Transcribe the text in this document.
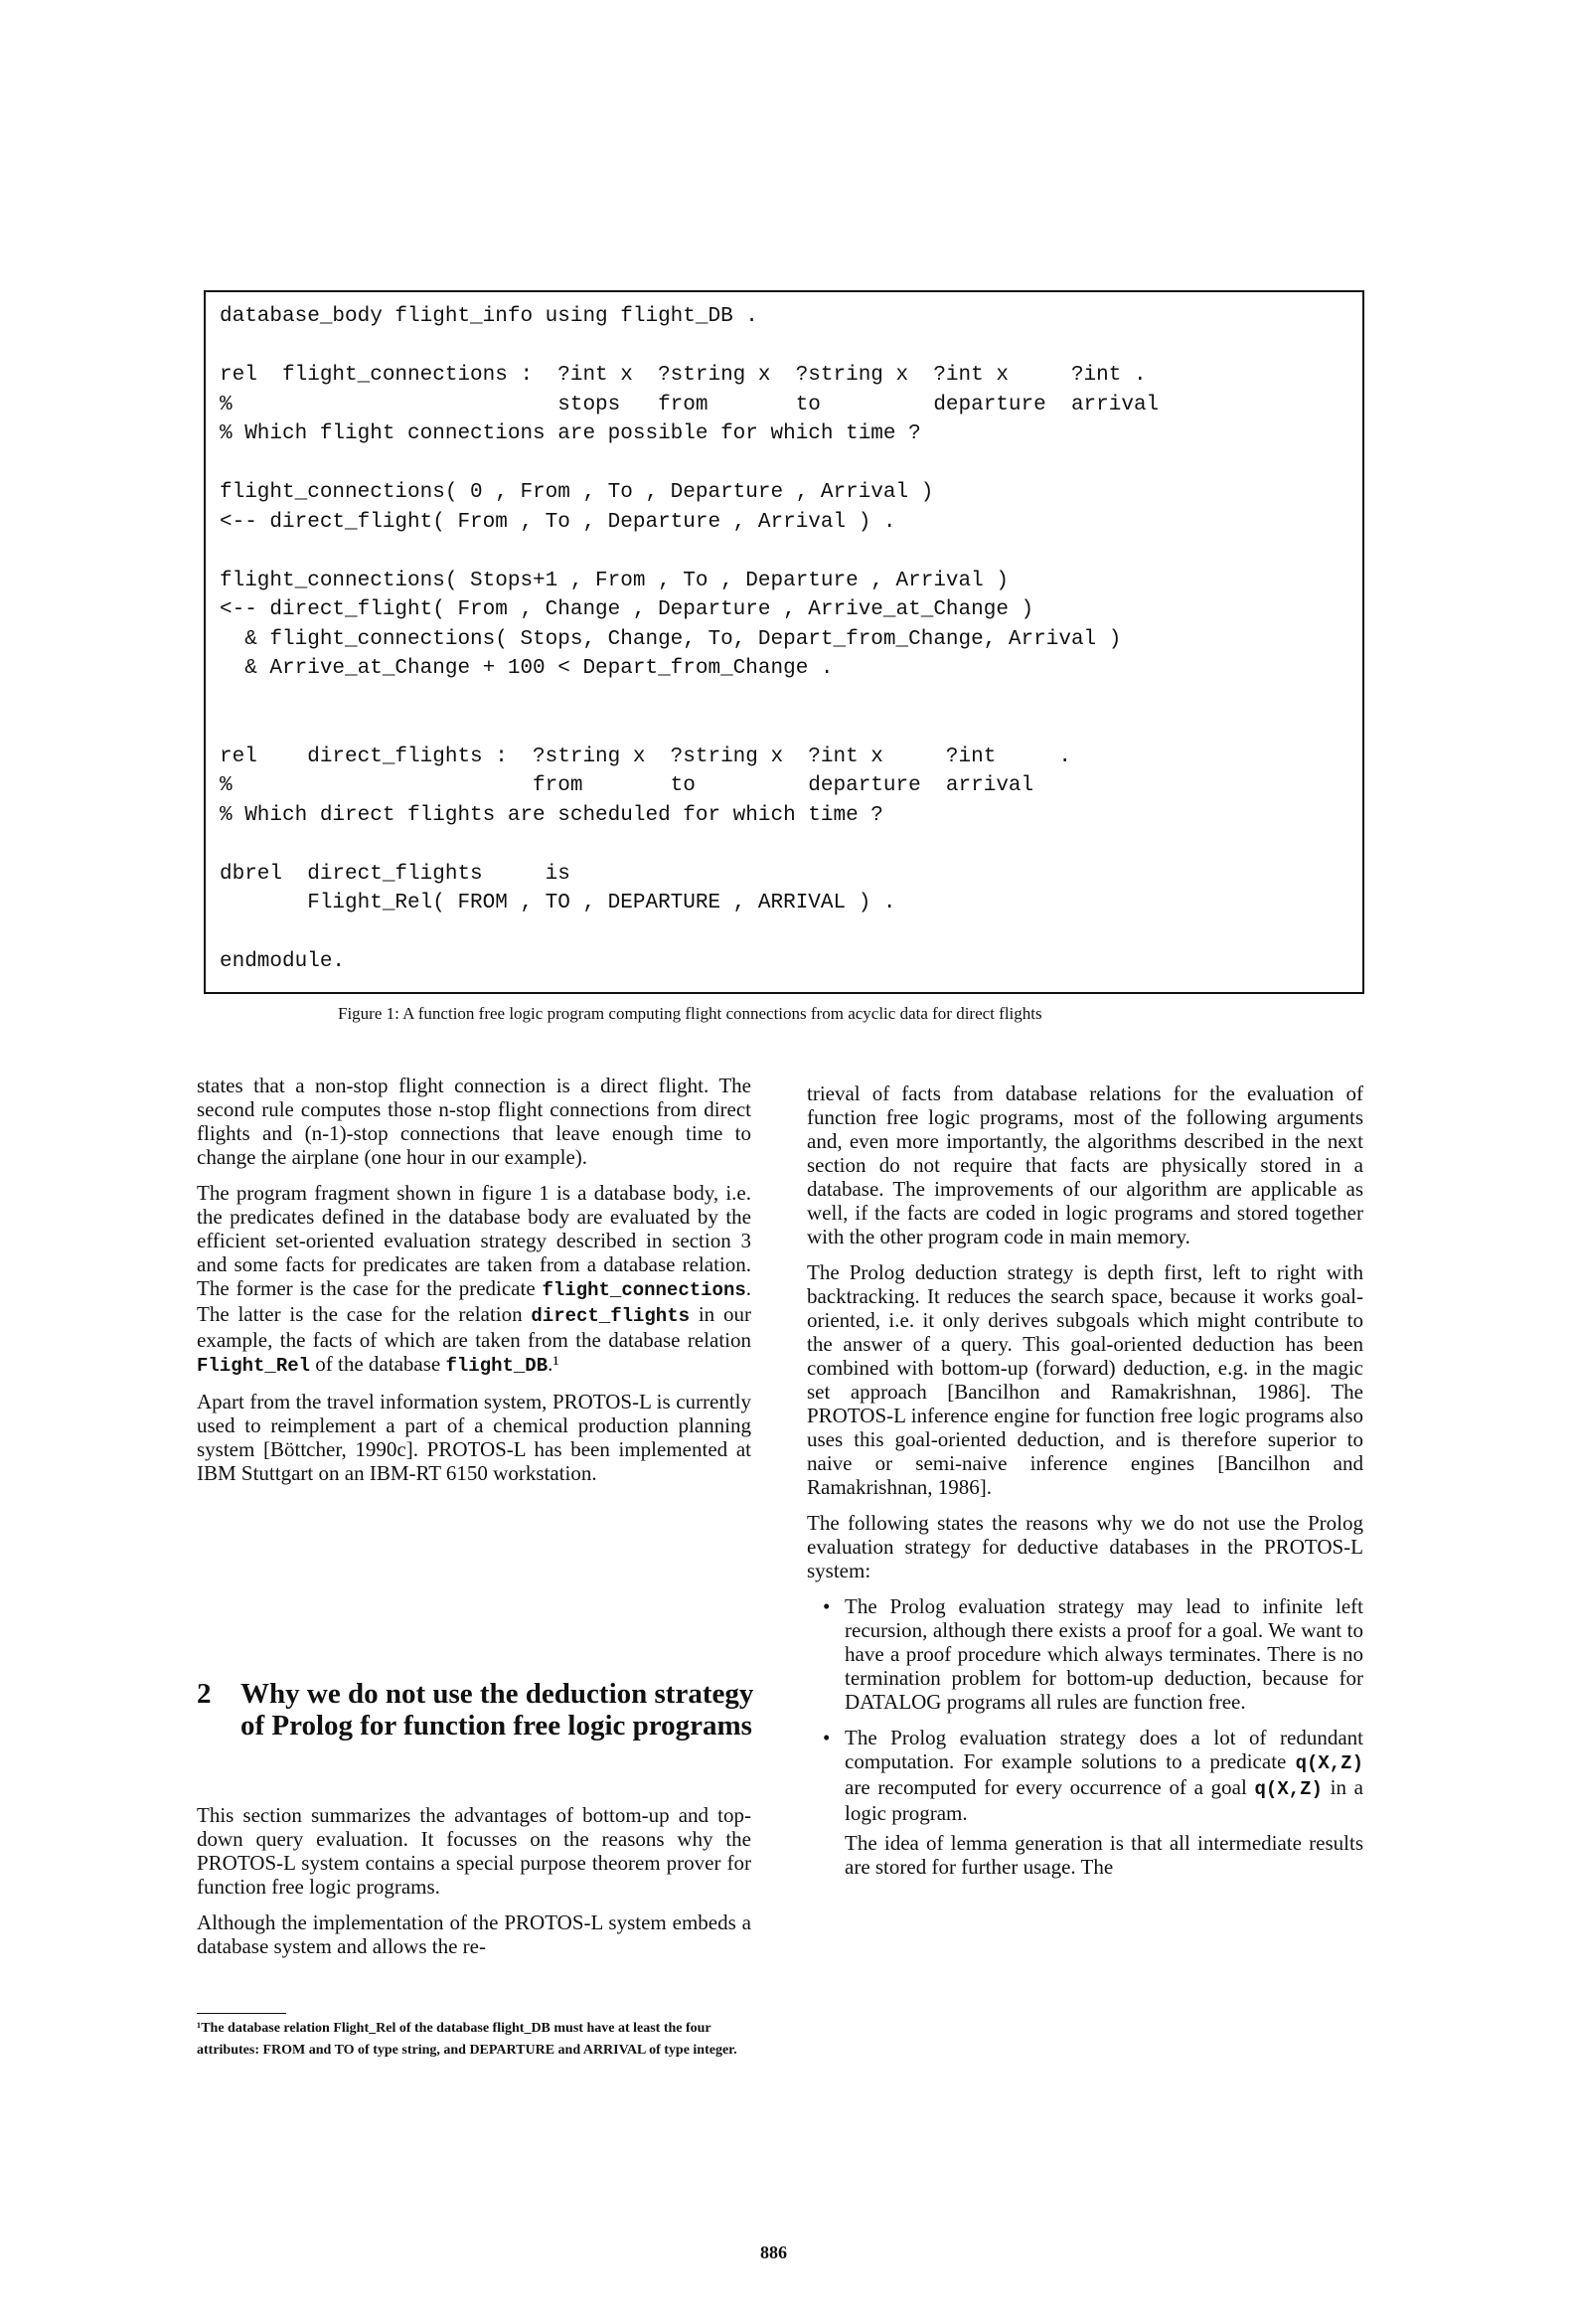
database_body flight_info using flight_DB .

rel  flight_connections :  ?int x  ?string x  ?string x  ?int x     ?int .
%                          stops   from       to         departure  arrival
% Which flight connections are possible for which time ?

flight_connections( 0 , From , To , Departure , Arrival )
<-- direct_flight( From , To , Departure , Arrival ) .

flight_connections( Stops+1 , From , To , Departure , Arrival )
<-- direct_flight( From , Change , Departure , Arrive_at_Change )
& flight_connections( Stops, Change, To, Depart_from_Change, Arrival )
& Arrive_at_Change + 100 < Depart_from_Change .

rel    direct_flights :  ?string x  ?string x  ?int x     ?int     .
%                        from       to         departure  arrival
% Which direct flights are scheduled for which time ?

dbrel  direct_flights     is
Flight_Rel( FROM , TO , DEPARTURE , ARRIVAL ) .

endmodule.
Figure 1: A function free logic program computing flight connections from acyclic data for direct flights

states that a non-stop flight connection is a direct flight. The second rule computes those n-stop flight connections from direct flights and (n-1)-stop connections that leave enough time to change the airplane (one hour in our example).

The program fragment shown in figure 1 is a database body, i.e. the predicates defined in the database body are evaluated by the efficient set-oriented evaluation strategy described in section 3 and some facts for predicates are taken from a database relation. The former is the case for the predicate flight_connections. The latter is the case for the relation direct_flights in our example, the facts of which are taken from the database relation Flight_Rel of the database flight_DB.¹

Apart from the travel information system, PROTOS-L is currently used to reimplement a part of a chemical production planning system [Böttcher, 1990c]. PROTOS-L has been implemented at IBM Stuttgart on an IBM-RT 6150 workstation.

2 Why we do not use the deduction strategy of Prolog for function free logic programs

This section summarizes the advantages of bottom-up and top-down query evaluation. It focusses on the reasons why the PROTOS-L system contains a special purpose theorem prover for function free logic programs.

Although the implementation of the PROTOS-L system embeds a database system and allows the re-

¹The database relation Flight_Rel of the database flight_DB must have at least the four attributes: FROM and TO of type string, and DEPARTURE and ARRIVAL of type integer.

trieval of facts from database relations for the evaluation of function free logic programs, most of the following arguments and, even more importantly, the algorithms described in the next section do not require that facts are physically stored in a database. The improvements of our algorithm are applicable as well, if the facts are coded in logic programs and stored together with the other program code in main memory.

The Prolog deduction strategy is depth first, left to right with backtracking. It reduces the search space, because it works goal-oriented, i.e. it only derives subgoals which might contribute to the answer of a query. This goal-oriented deduction has been combined with bottom-up (forward) deduction, e.g. in the magic set approach [Bancilhon and Ramakrishnan, 1986]. The PROTOS-L inference engine for function free logic programs also uses this goal-oriented deduction, and is therefore superior to naive or semi-naive inference engines [Bancilhon and Ramakrishnan, 1986].

The following states the reasons why we do not use the Prolog evaluation strategy for deductive databases in the PROTOS-L system:

• The Prolog evaluation strategy may lead to infinite left recursion, although there exists a proof for a goal. We want to have a proof procedure which always terminates. There is no termination problem for bottom-up deduction, because for DATALOG programs all rules are function free.
• The Prolog evaluation strategy does a lot of redundant computation. For example solutions to a predicate q(X,Z) are recomputed for every occurrence of a goal q(X,Z) in a logic program.

The idea of lemma generation is that all intermediate results are stored for further usage. The

886
